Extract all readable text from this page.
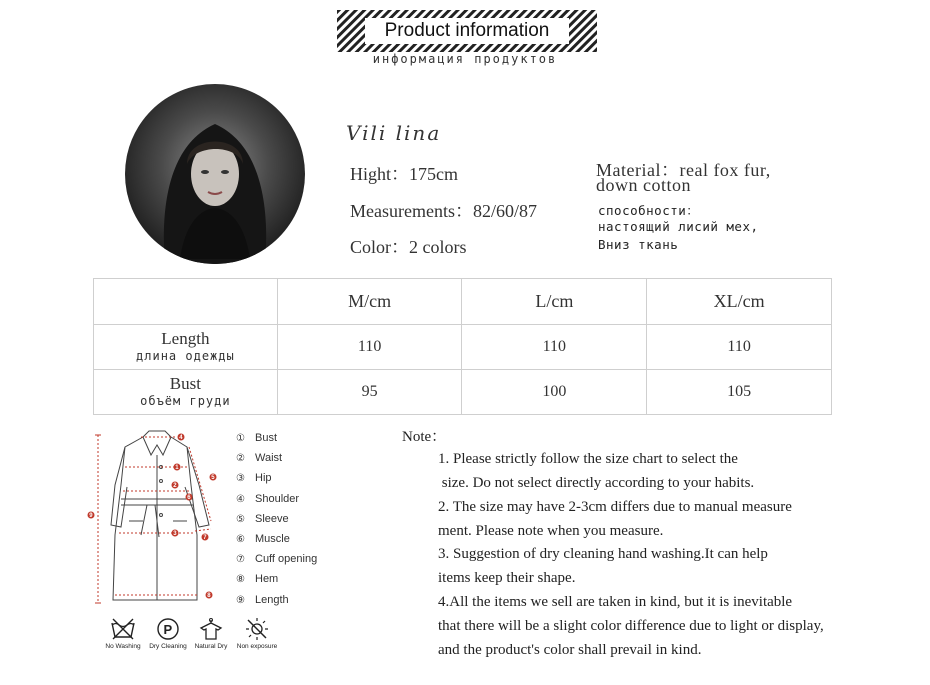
Product information
информация продуктов
Vili lina
Hight：175cm
Measurements：82/60/87
Color：2 colors
Material：real fox fur,
down cotton
способности：
настоящий лисий мех,
Вниз ткань
	M/cm	L/cm	XL/cm

Length
длина одежды	110	110	110

Bust
объём груди	95	100	105
4
1
2
3
5
6
7
8
9
① Bust
② Waist
③ Hip
④ Shoulder
⑤ Sleeve
⑥ Muscle
⑦ Cuff opening
⑧ Hem
⑨ Length
No Washing
P
Dry Cleaning	Natural Dry	Non exposure
Note：
1. Please strictly follow the size chart to select the
size. Do not select directly according to your habits.
2. The size may have 2-3cm differs due to manual measure
ment. Please note when you measure.
3. Suggestion of dry cleaning hand washing.It can help
items keep their shape.
4.All the items we sell are taken in kind, but it is inevitable
that there will be a slight color difference due to light or display,
and the product's color shall prevail in kind.
